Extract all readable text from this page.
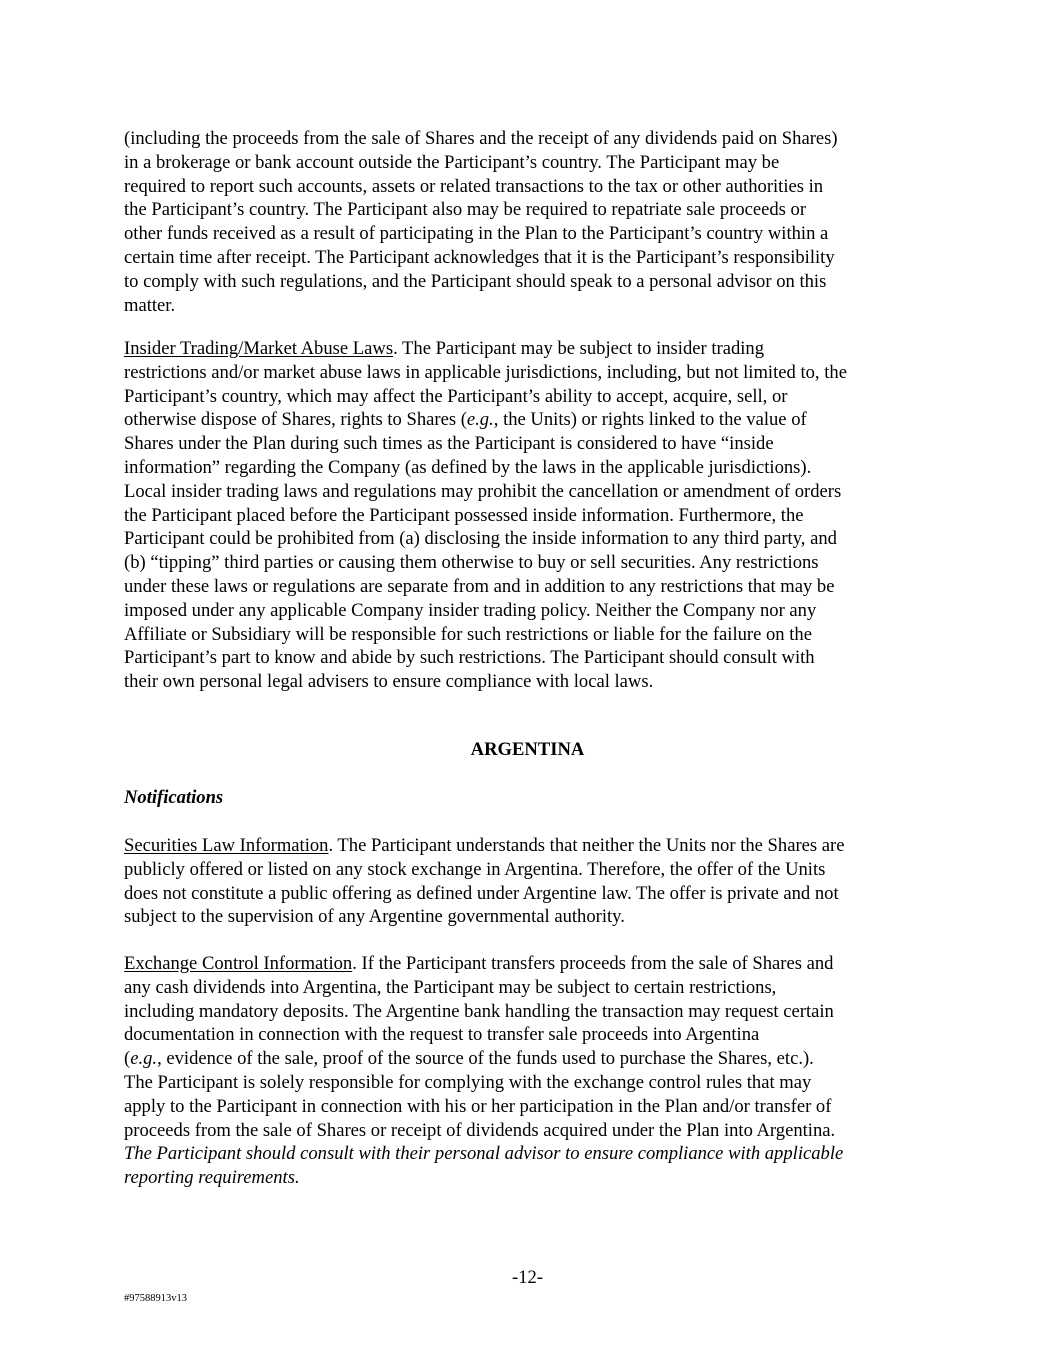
(including the proceeds from the sale of Shares and the receipt of any dividends paid on Shares)
in a brokerage or bank account outside the Participant’s country. The Participant may be
required to report such accounts, assets or related transactions to the tax or other authorities in
the Participant’s country. The Participant also may be required to repatriate sale proceeds or
other funds received as a result of participating in the Plan to the Participant’s country within a
certain time after receipt. The Participant acknowledges that it is the Participant’s responsibility
to comply with such regulations, and the Participant should speak to a personal advisor on this
matter.
Insider Trading/Market Abuse Laws. The Participant may be subject to insider trading
restrictions and/or market abuse laws in applicable jurisdictions, including, but not limited to, the
Participant’s country, which may affect the Participant’s ability to accept, acquire, sell, or
otherwise dispose of Shares, rights to Shares (e.g., the Units) or rights linked to the value of
Shares under the Plan during such times as the Participant is considered to have “inside
information” regarding the Company (as defined by the laws in the applicable jurisdictions).
Local insider trading laws and regulations may prohibit the cancellation or amendment of orders
the Participant placed before the Participant possessed inside information. Furthermore, the
Participant could be prohibited from (a) disclosing the inside information to any third party, and
(b) “tipping” third parties or causing them otherwise to buy or sell securities. Any restrictions
under these laws or regulations are separate from and in addition to any restrictions that may be
imposed under any applicable Company insider trading policy. Neither the Company nor any
Affiliate or Subsidiary will be responsible for such restrictions or liable for the failure on the
Participant’s part to know and abide by such restrictions. The Participant should consult with
their own personal legal advisers to ensure compliance with local laws.
ARGENTINA
Notifications
Securities Law Information. The Participant understands that neither the Units nor the Shares are
publicly offered or listed on any stock exchange in Argentina. Therefore, the offer of the Units
does not constitute a public offering as defined under Argentine law. The offer is private and not
subject to the supervision of any Argentine governmental authority.
Exchange Control Information. If the Participant transfers proceeds from the sale of Shares and
any cash dividends into Argentina, the Participant may be subject to certain restrictions,
including mandatory deposits. The Argentine bank handling the transaction may request certain
documentation in connection with the request to transfer sale proceeds into Argentina
(e.g., evidence of the sale, proof of the source of the funds used to purchase the Shares, etc.).
The Participant is solely responsible for complying with the exchange control rules that may
apply to the Participant in connection with his or her participation in the Plan and/or transfer of
proceeds from the sale of Shares or receipt of dividends acquired under the Plan into Argentina.
The Participant should consult with their personal advisor to ensure compliance with applicable
reporting requirements.
-12-
#97588913v13
